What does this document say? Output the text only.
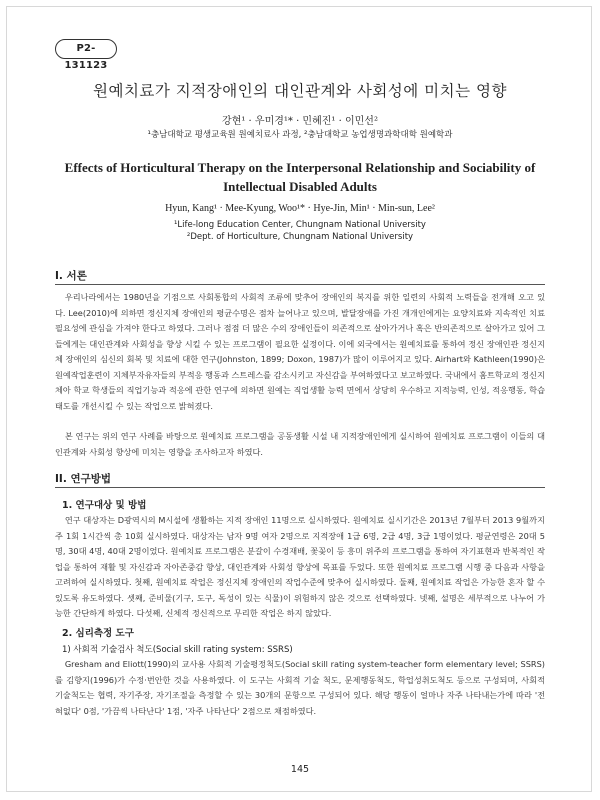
P2-131123
원예치료가 지적장애인의 대인관계와 사회성에 미치는 영향
강현¹ · 우미경¹* · 민혜진¹ · 이민선²
¹충남대학교 평생교육원 원예치료사 과정, ²충남대학교 농업생명과학대학 원예학과
Effects of Horticultural Therapy on the Interpersonal Relationship and Sociability of Intellectual Disabled Adults
Hyun, Kang¹ · Mee-Kyung, Woo¹* · Hye-Jin, Min¹ · Min-sun, Lee²
¹Life-long Education Center, Chungnam National University
²Dept. of Horticulture, Chungnam National University
I. 서론

우리나라에서는 1980년을 기점으로 사회통합의 사회적 조류에 맞추어 장애인의 복지를 위한 일련의 사회적 노력들을 전개해 오고 있다. Lee(2010)에 의하면 정신지체 장애인의 평균수명은 점차 늘어나고 있으며, 발달장애를 가진 개개인에게는 요양치료와 지속적인 치료 필요성에 관심을 가져야 한다고 하였다. 그러나 점점 더 많은 수의 장애인들이 의존적으로 살아가거나 혹은 반의존적으로 살아가고 있어 그들에게는 대인관계와 사회성을 향상 시킬 수 있는 프로그램이 필요한 실정이다. 이에 외국에서는 원예치료를 통하여 정신 장애인관 정신지체 장애인의 심신의 회복 및 치료에 대한 연구(Johnston, 1899; Doxon, 1987)가 많이 이루어지고 있다. Airhart와 Kathleen(1990)은 원예작업훈련이 지체부자유자들의 부적응 행동과 스트레스를 감소시키고 자신감을 부여하였다고 보고하였다. 국내에서 홈트학교의 정신지체아 학교 학생들의 직업기능과 적응에 관한 연구에 의하면 원예는 직업생활 능력 면에서 상당히 우수하고 지적능력, 인성, 적응행동, 학습태도를 개선시킬 수 있는 작업으로 밝혀졌다.

본 연구는 위의 연구 사례를 바탕으로 원예치료 프로그램을 공동생활 시설 내 지적장애인에게 실시하여 원예치료 프로그램이 이들의 대인관계와 사회성 향상에 미치는 영향을 조사하고자 하였다.

II. 연구방법
1. 연구대상 및 방법

연구 대상자는 D광역시의 M시설에 생활하는 지적 장애인 11명으로 실시하였다. 원예치료 실시기간은 2013년 7월부터 2013 9월까지 주 1회 1시간씩 총 10회 실시하였다. 대상자는 남자 9명 여자 2명으로 지적장애 1급 6명, 2급 4명, 3급 1명이었다. 평균연령은 20대 5명, 30대 4명, 40대 2명이었다. 원예치료 프로그램은 분갈이 수경재배, 꽃꽂이 등 흥미 위주의 프로그램을 통하여 자기표현과 반복적인 작업을 통하여 재활 및 자신감과 자아존중감 향상, 대인관계와 사회성 향상에 목표를 두었다. 또한 원예치료 프로그램 시행 중 다음과 사항을 고려하여 실시하였다. 첫째, 원예치료 작업은 정신지체 장애인의 작업수준에 맞추어 실시하였다. 둘째, 원예치료 작업은 가능한 혼자 할 수 있도록 유도하였다. 셋째, 준비물(기구, 도구, 독성이 있는 식물)이 위험하지 않은 것으로 선택하였다. 넷째, 설명은 세부적으로 나누어 가능한 간단하게 하였다. 다섯째, 신체적 정신적으로 무리한 작업은 하지 않았다.

2. 심리측정 도구
1) 사회적 기술검사 척도(Social skill rating system: SSRS)

Gresham and Eliott(1990)의 교사용 사회적 기술평정척도(Social skill rating system-teacher form elementary level; SSRS)를 김향지(1996)가 수정·번안한 것을 사용하였다. 이 도구는 사회적 기술 척도, 문제행동척도, 학업성취도척도 등으로 구성되며, 사회적 기술척도는 협력, 자기주장, 자기조절을 측정할 수 있는 30개의 문항으로 구성되어 있다. 해당 행동이 얼마나 자주 나타내는가에 따라 '전혀없다' 0점, '가끔씩 나타난다' 1점, '자주 나타난다' 2점으로 채점하였다.

145
